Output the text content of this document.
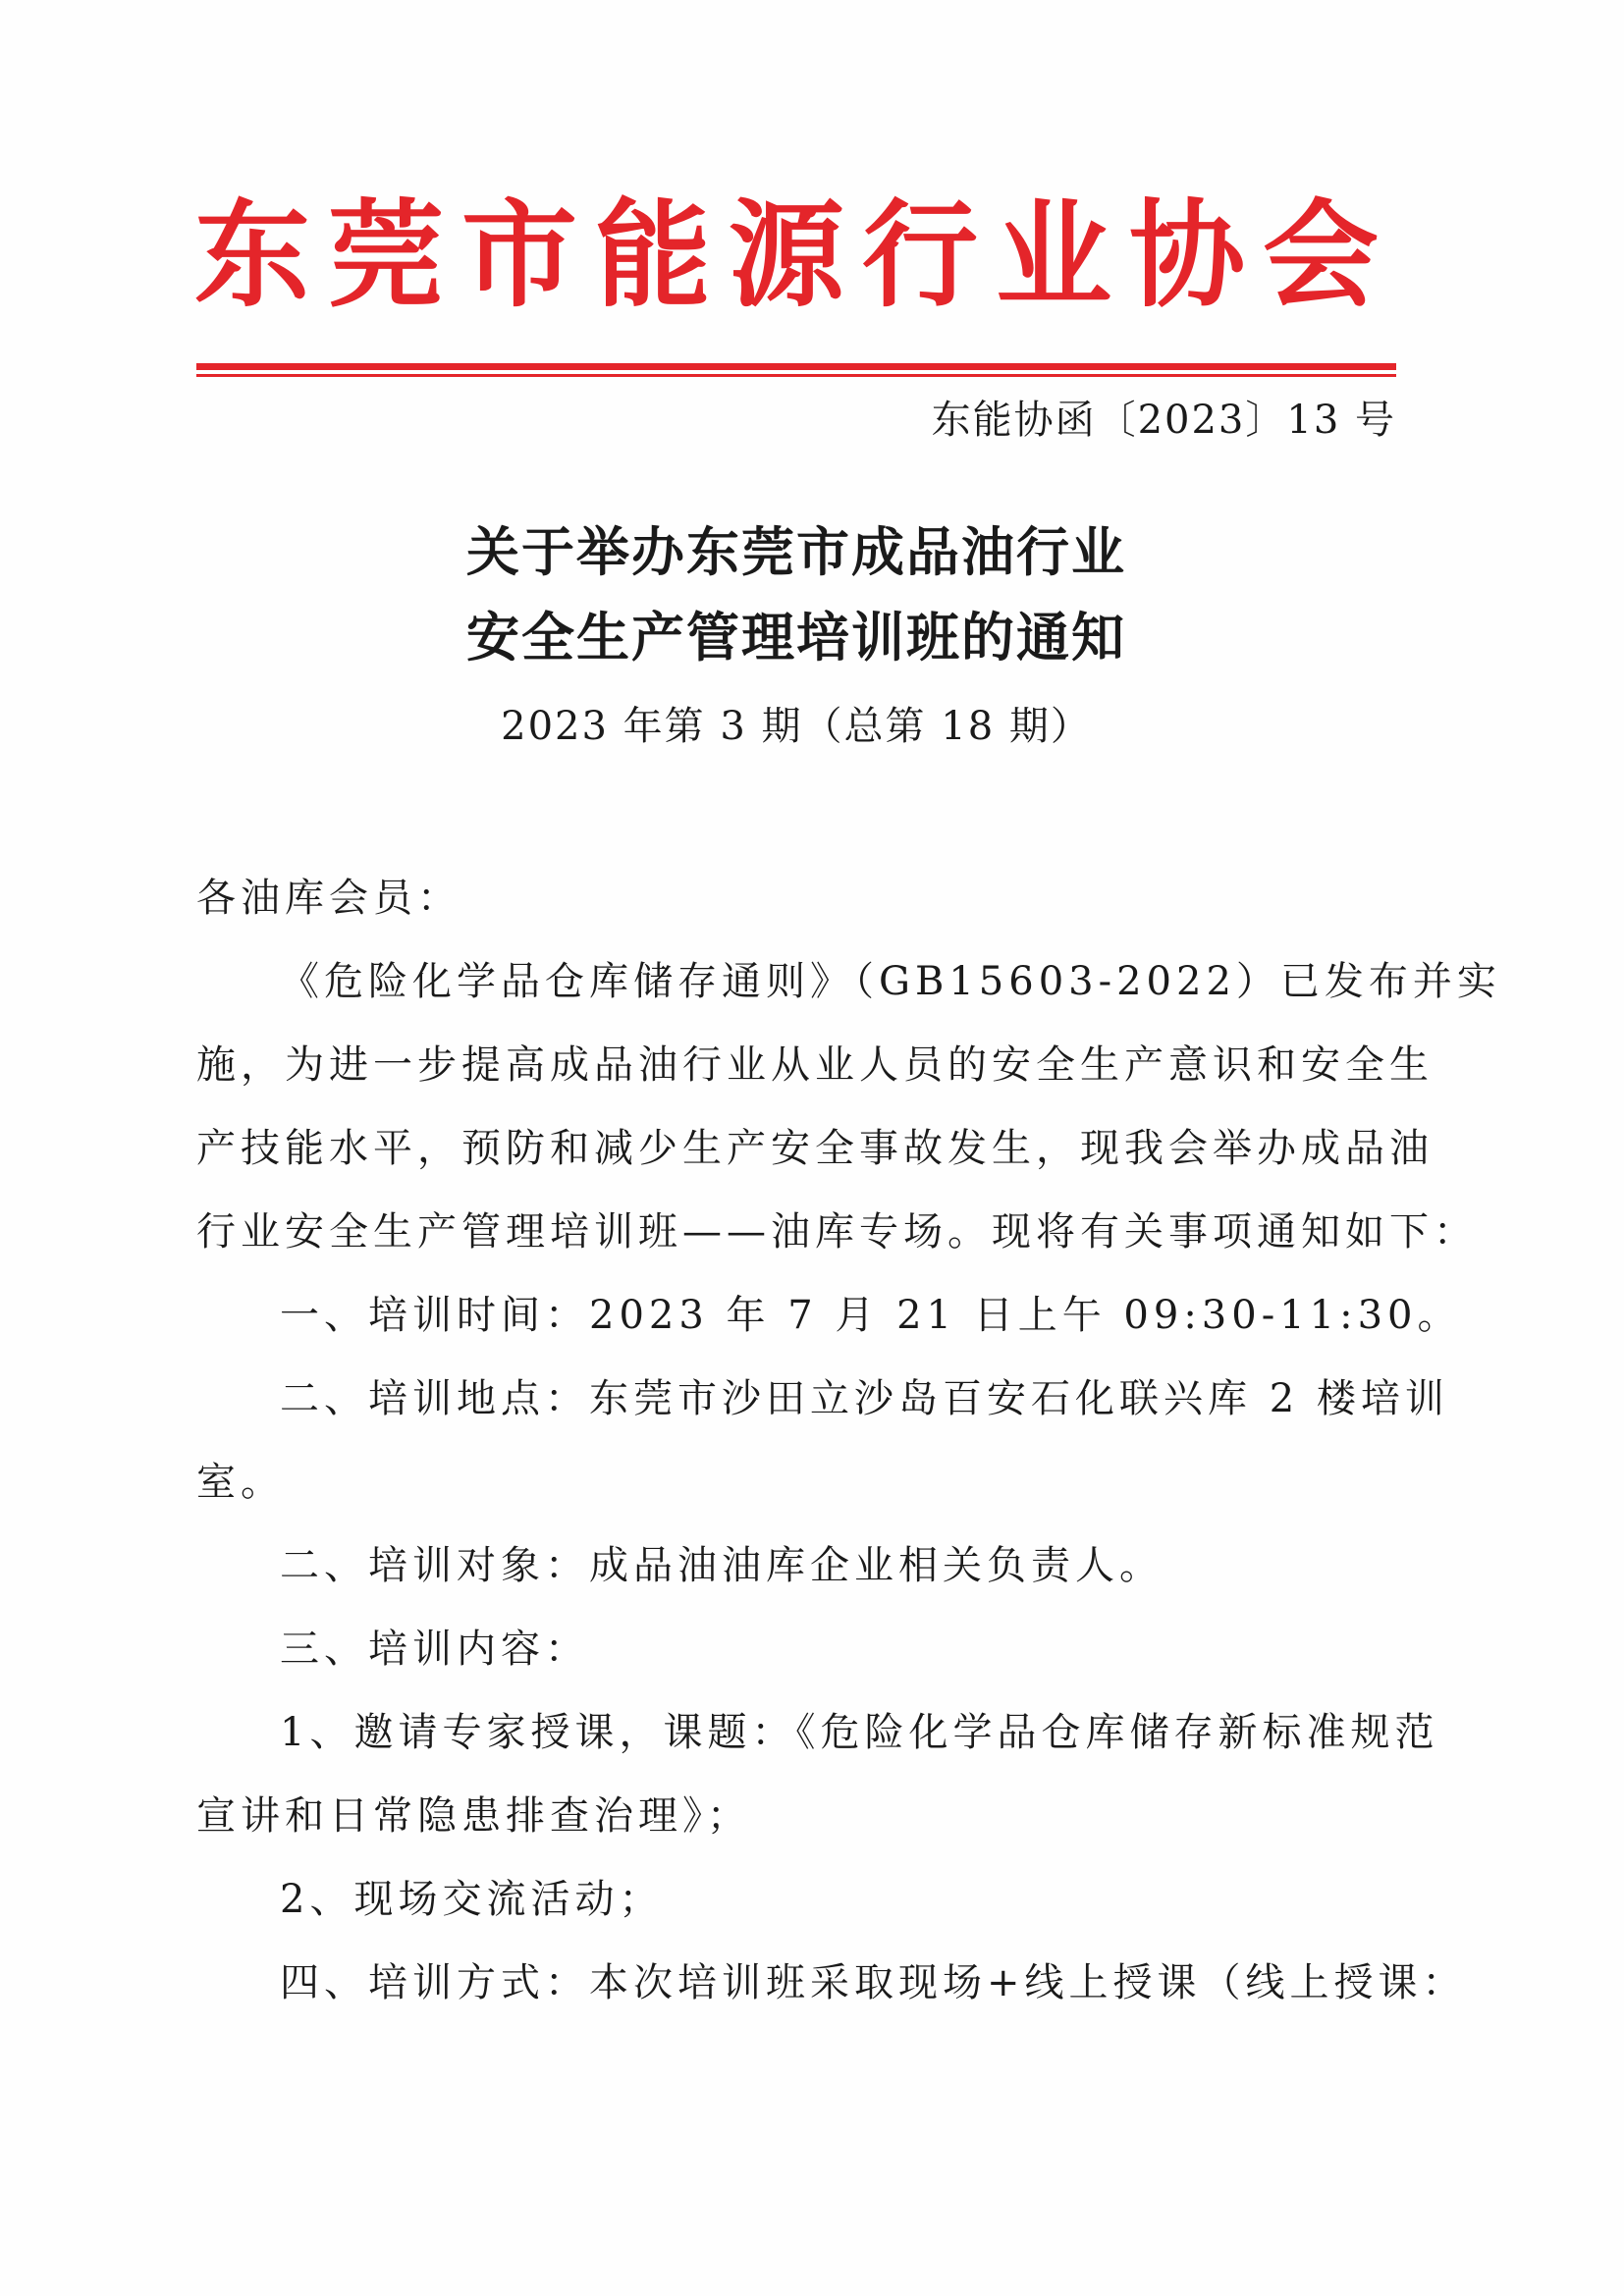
东莞市能源行业协会
东能协函〔2023〕13 号
关于举办东莞市成品油行业
安全生产管理培训班的通知
2023 年第 3 期（总第 18 期）
各油库会员：
《危险化学品仓库储存通则》（GB15603-2022）已发布并实
施，为进一步提高成品油行业从业人员的安全生产意识和安全生
产技能水平，预防和减少生产安全事故发生，现我会举办成品油
行业安全生产管理培训班——油库专场。现将有关事项通知如下：
一、培训时间：2023 年 7 月 21 日上午 09:30-11:30。
二、培训地点：东莞市沙田立沙岛百安石化联兴库 2 楼培训
室。
二、培训对象：成品油油库企业相关负责人。
三、培训内容：
1、邀请专家授课，课题：《危险化学品仓库储存新标准规范
宣讲和日常隐患排查治理》；
2、现场交流活动；
四、培训方式：本次培训班采取现场+线上授课（线上授课：
